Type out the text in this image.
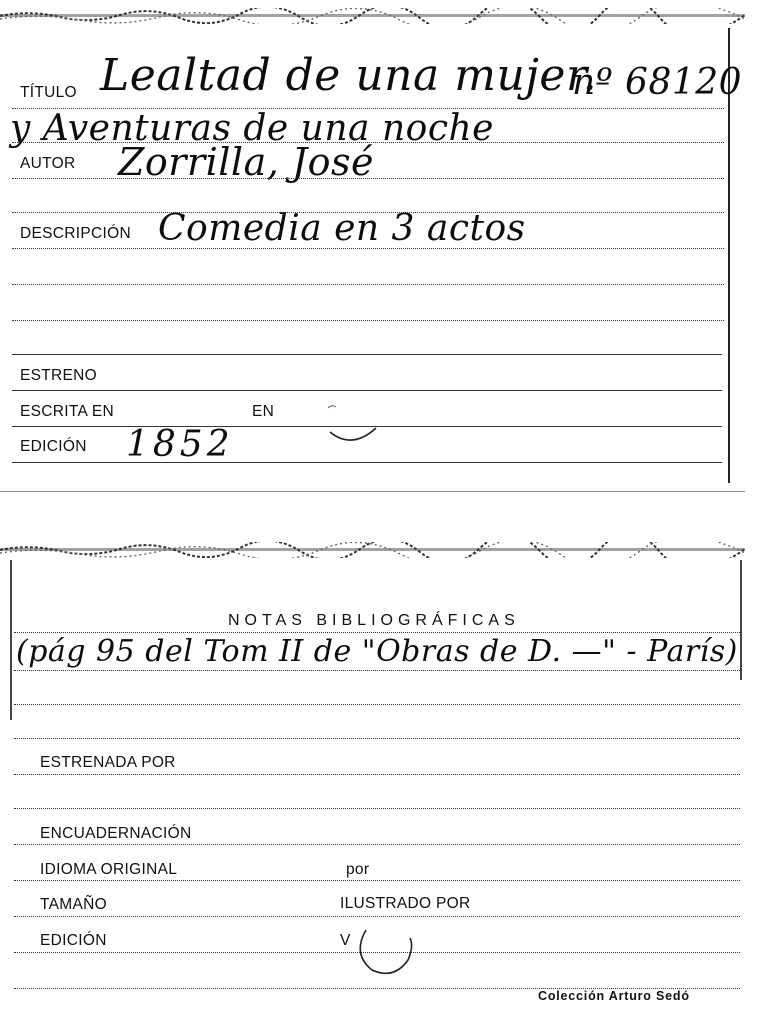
TÍTULO Lealtad de una mujer.
nº 68120
y Aventuras de una noche
AUTOR Zorrilla, José
DESCRIPCIÓN Comedia en 3 actos
ESTRENO
ESCRITA EN	EN
EDICIÓN 1852
NOTAS BIBLIOGRÁFICAS
(pág 95 del Tom II de "Obras de D. —" - París)
ESTRENADA POR
ENCUADERNACIÓN
IDIOMA ORIGINAL	por
TAMAÑO	ILUSTRADO POR
EDICIÓN	V
Colección Arturo Sedó
